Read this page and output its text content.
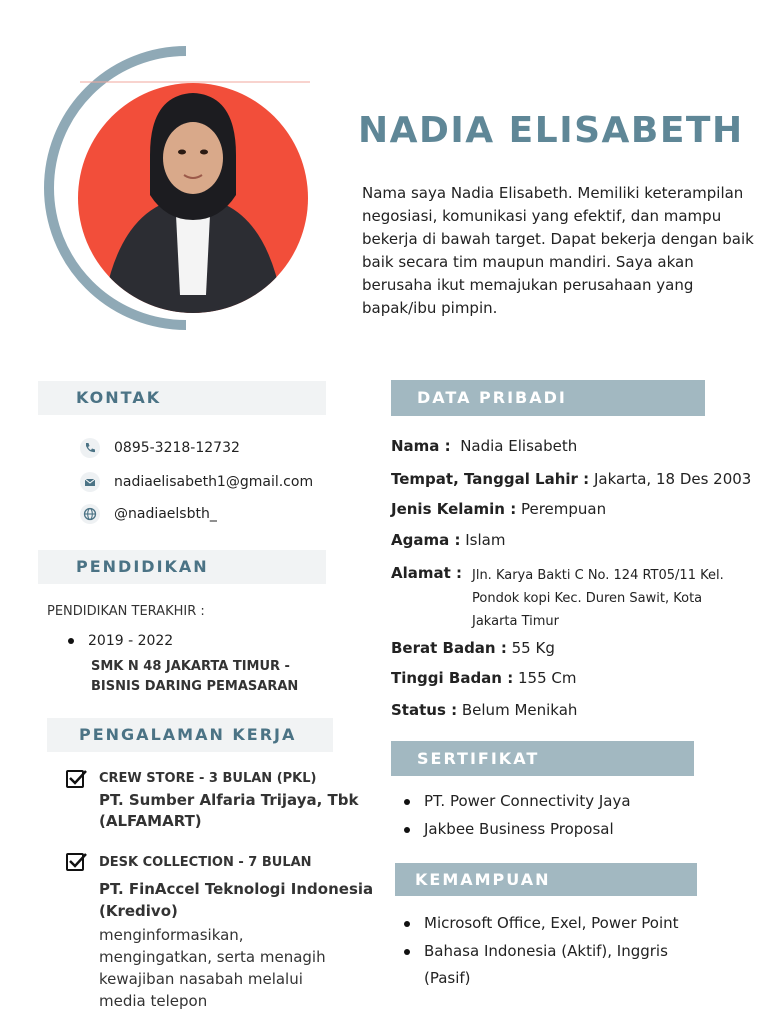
NADIA ELISABETH
Nama saya Nadia Elisabeth. Memiliki keterampilan negosiasi, komunikasi yang efektif, dan mampu bekerja di bawah target. Dapat bekerja dengan baik baik secara tim maupun mandiri. Saya akan berusaha ikut memajukan perusahaan yang bapak/ibu pimpin.
KONTAK
0895-3218-12732
nadiaelisabeth1@gmail.com
@nadiaelsbth_
PENDIDIKAN
PENDIDIKAN TERAKHIR :
2019 - 2022
SMK N 48 JAKARTA TIMUR -
BISNIS DARING PEMASARAN
PENGALAMAN KERJA
CREW STORE - 3 BULAN (PKL)
PT. Sumber Alfaria Trijaya, Tbk
(ALFAMART)
DESK COLLECTION - 7 BULAN
PT. FinAccel Teknologi Indonesia
(Kredivo)
menginformasikan, mengingatkan, serta menagih kewajiban nasabah melalui media telepon
DATA PRIBADI
Nama : Nadia Elisabeth
Tempat, Tanggal Lahir : Jakarta, 18 Des 2003
Jenis Kelamin : Perempuan
Agama : Islam
Alamat : Jln. Karya Bakti C No. 124 RT05/11 Kel.
Pondok kopi Kec. Duren Sawit, Kota
Jakarta Timur
Berat Badan : 55 Kg
Tinggi Badan : 155 Cm
Status : Belum Menikah
SERTIFIKAT
PT. Power Connectivity Jaya
Jakbee Business Proposal
KEMAMPUAN
Microsoft Office, Exel, Power Point
Bahasa Indonesia (Aktif), Inggris
(Pasif)
